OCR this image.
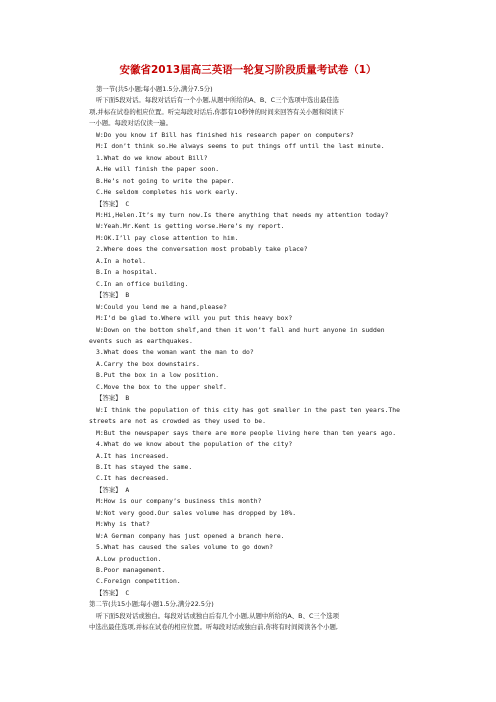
安徽省2013届高三英语一轮复习阶段质量考试卷（1）
第一节(共5小题;每小题1.5分,满分7.5分)
听下面5段对话。每段对话后有一个小题,从题中所给的A、B、C三个选项中选出最佳选
项,并标在试卷的相应位置。听完每段对话后,你都有10秒钟的时间来回答有关小题和阅读下
一小题。每段对话仅读一遍。
W:Do you know if Bill has finished his research paper on computers?
M:I don’t think so.He always seems to put things off until the last minute.
1.What do we know about Bill?
A.He will finish the paper soon.
B.He’s not going to write the paper.
C.He seldom completes his work early.
【答案】 C
M:Hi,Helen.It’s my turn now.Is there anything that needs my attention today?
W:Yeah.Mr.Kent is getting worse.Here’s my report.
M:OK.I’ll pay close attention to him.
2.Where does the conversation most probably take place?
A.In a hotel.
B.In a hospital.
C.In an office building.
【答案】 B
W:Could you lend me a hand,please?
M:I’d be glad to.Where will you put this heavy box?
W:Down on the bottom shelf,and then it won’t fall and hurt anyone in sudden
events such as earthquakes.
3.What does the woman want the man to do?
A.Carry the box downstairs.
B.Put the box in a low position.
C.Move the box to the upper shelf.
【答案】 B
W:I think the population of this city has got smaller in the past ten years.The
streets are not as crowded as they used to be.
M:But the newspaper says there are more people living here than ten years ago.
4.What do we know about the population of the city?
A.It has increased.
B.It has stayed the same.
C.It has decreased.
【答案】 A
M:How is our company’s business this month?
W:Not very good.Our sales volume has dropped by 10%.
M:Why is that?
W:A German company has just opened a branch here.
5.What has caused the sales volume to go down?
A.Low production.
B.Poor management.
C.Foreign competition.
【答案】 C
第二节(共15小题;每小题1.5分,满分22.5分)
听下面5段对话或独白。每段对话或独白后有几个小题,从题中所给的A、B、C三个选项
中选出最佳选项,并标在试卷的相应位置。听每段对话或独白前,你将有时间阅读各个小题,
